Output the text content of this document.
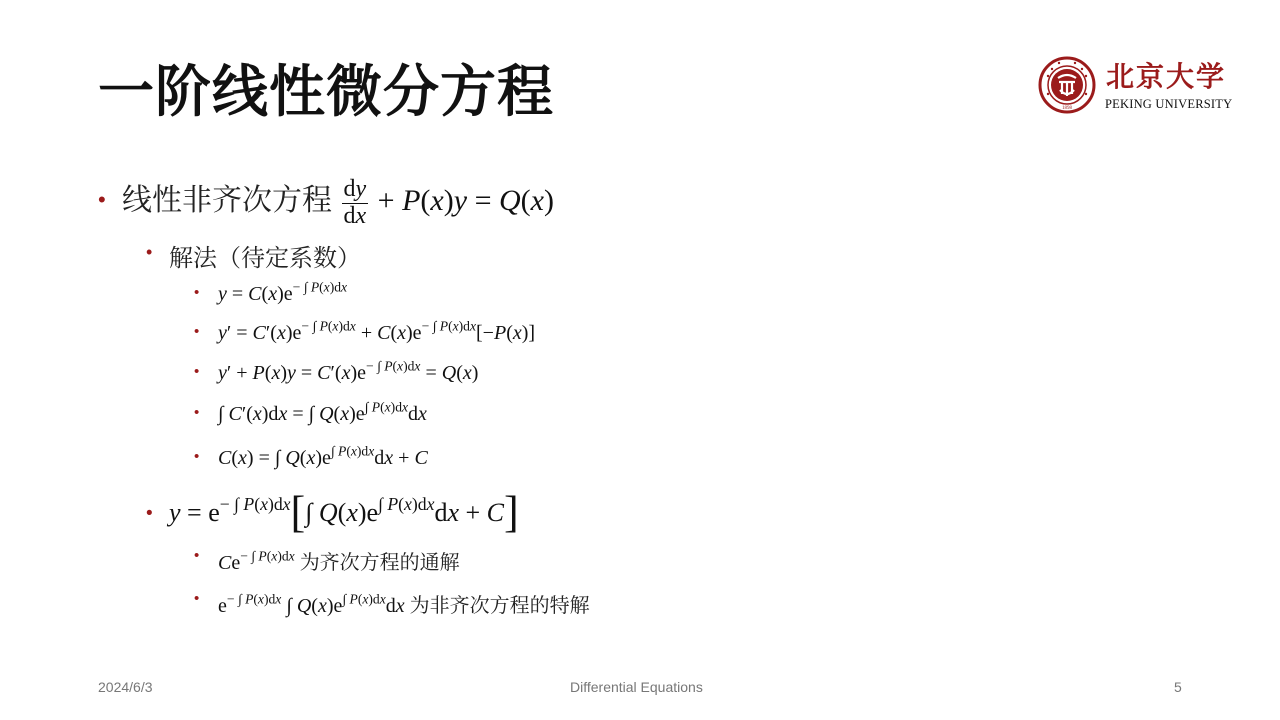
一阶线性微分方程	1898
北京大学
PEKING UNIVERSITY
• 线性非齐次方程 $\frac{dy}{dx} + P(x)y = Q(x)$
• 解法（待定系数）
• $y = C(x)e^{- \int P(x)dx}$
• $y' = C'(x)e^{- \int P(x)dx} + C(x)e^{- \int P(x)dx}[-P(x)]$
• $y' + P(x)y = C'(x)e^{- \int P(x)dx} = Q(x)$
• ∫ C′(x)dx = ∫ $Q(x)e^{\int P(x)dx}dx$
• C(x) = ∫ $Q(x)e^{\int P(x)dx}dx + C$
• $y = e^{- \int P(x)dx}[\int$ $Q(x)e^{\int P(x)dx}dx + C$]
• $Ce^{- \int P(x)dx}$ 为齐次方程的通解
• $e^{- \int P(x)dx}$ ∫ $Q(x)e^{\int P(x)dx}dx$ 为非齐次方程的特解
2024/6/3	Differential Equations	5
